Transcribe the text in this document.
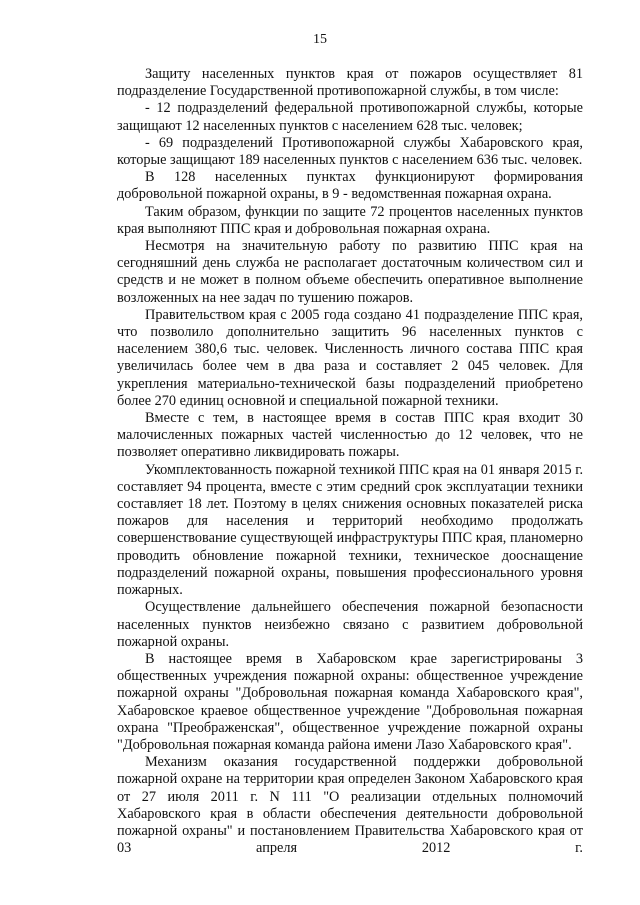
15

Защиту населенных пунктов края от пожаров осуществляет 81 подразделение Государственной противопожарной службы, в том числе:

- 12 подразделений федеральной противопожарной службы, которые защищают 12 населенных пунктов с населением 628 тыс. человек;

- 69 подразделений Противопожарной службы Хабаровского края, которые защищают 189 населенных пунктов с населением 636 тыс. человек.

В 128 населенных пунктах функционируют формирования добровольной пожарной охраны, в 9 - ведомственная пожарная охрана.

Таким образом, функции по защите 72 процентов населенных пунктов края выполняют ППС края и добровольная пожарная охрана.

Несмотря на значительную работу по развитию ППС края на сегодняшний день служба не располагает достаточным количеством сил и средств и не может в полном объеме обеспечить оперативное выполнение возложенных на нее задач по тушению пожаров.

Правительством края с 2005 года создано 41 подразделение ППС края, что позволило дополнительно защитить 96 населенных пунктов с населением 380,6 тыс. человек. Численность личного состава ППС края увеличилась более чем в два раза и составляет 2 045 человек. Для укрепления материально-технической базы подразделений приобретено более 270 единиц основной и специальной пожарной техники.

Вместе с тем, в настоящее время в состав ППС края входит 30 малочисленных пожарных частей численностью до 12 человек, что не позволяет оперативно ликвидировать пожары.

Укомплектованность пожарной техникой ППС края на 01 января 2015 г. составляет 94 процента, вместе с этим средний срок эксплуатации техники составляет 18 лет. Поэтому в целях снижения основных показателей риска пожаров для населения и территорий необходимо продолжать совершенствование существующей инфраструктуры ППС края, планомерно проводить обновление пожарной техники, техническое дооснащение подразделений пожарной охраны, повышения профессионального уровня пожарных.

Осуществление дальнейшего обеспечения пожарной безопасности населенных пунктов неизбежно связано с развитием добровольной пожарной охраны.

В настоящее время в Хабаровском крае зарегистрированы 3 общественных учреждения пожарной охраны: общественное учреждение пожарной охраны "Добровольная пожарная команда Хабаровского края", Хабаровское краевое общественное учреждение "Добровольная пожарная охрана "Преображенская", общественное учреждение пожарной охраны "Добровольная пожарная команда района имени Лазо Хабаровского края".

Механизм оказания государственной поддержки добровольной пожарной охране на территории края определен Законом Хабаровского края от 27 июля 2011 г. N 111 "О реализации отдельных полномочий Хабаровского края в области обеспечения деятельности добровольной пожарной охраны" и постановлением Правительства Хабаровского края от 03 апреля 2012 г.
